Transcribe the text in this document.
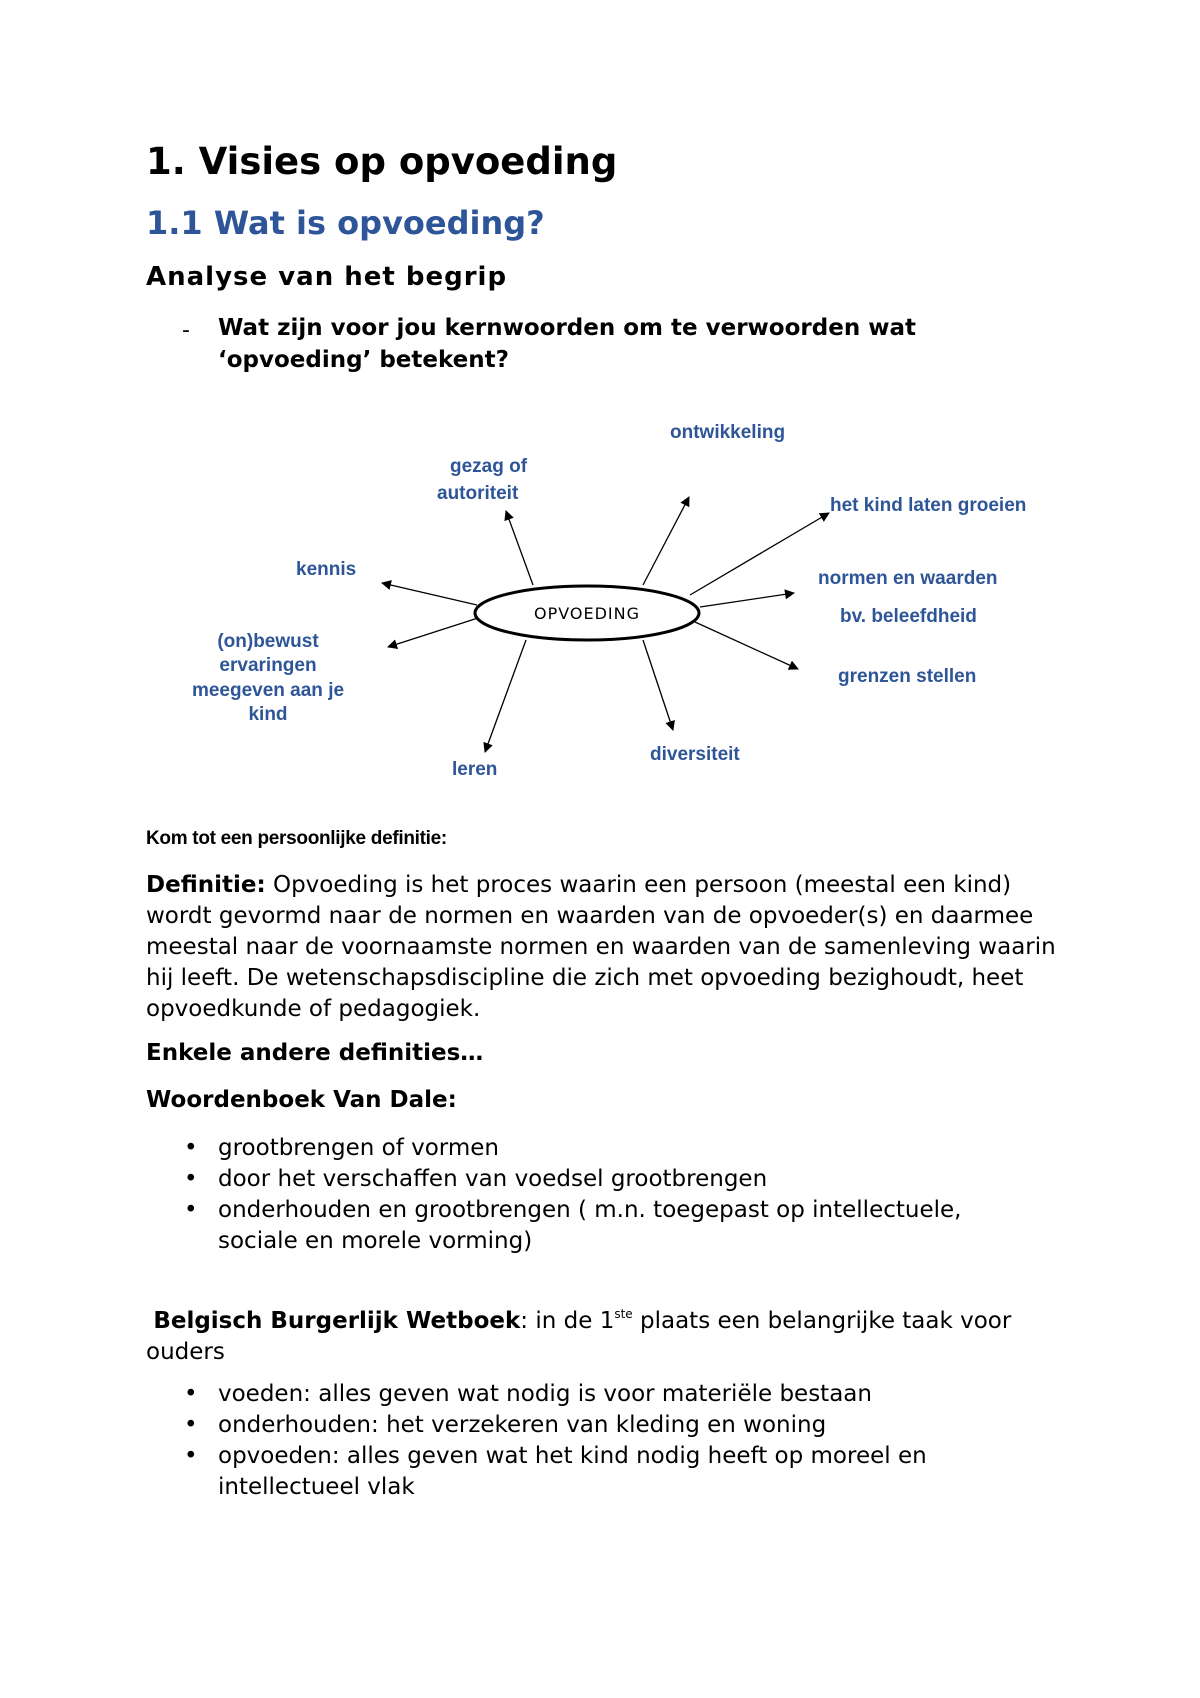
1. Visies op opvoeding
1.1 Wat is opvoeding?
Analyse van het begrip
- Wat zijn voor jou kernwoorden om te verwoorden wat ‘opvoeding’ betekent?

OPVOEDING
ontwikkeling
gezag of
autoriteit
het kind laten groeien
kennis	normen en waarden
bv. beleefdheid
(on)bewust
ervaringen
meegeven aan je
kind
grenzen stellen
diversiteit
leren
Kom tot een persoonlijke definitie:

Definitie: Opvoeding is het proces waarin een persoon (meestal een kind) wordt gevormd naar de normen en waarden van de opvoeder(s) en daarmee meestal naar de voornaamste normen en waarden van de samenleving waarin hij leeft. De wetenschapsdiscipline die zich met opvoeding bezighoudt, heet opvoedkunde of pedagogiek.

Enkele andere definities…
Woordenboek Van Dale:
• grootbrengen of vormen
• door het verschaffen van voedsel grootbrengen
• onderhouden en grootbrengen ( m.n. toegepast op intellectuele, sociale en morele vorming)

Belgisch Burgerlijk Wetboek: in de 1ste plaats een belangrijke taak voor ouders

• voeden: alles geven wat nodig is voor materiële bestaan
• onderhouden: het verzekeren van kleding en woning
• opvoeden: alles geven wat het kind nodig heeft op moreel en intellectueel vlak
